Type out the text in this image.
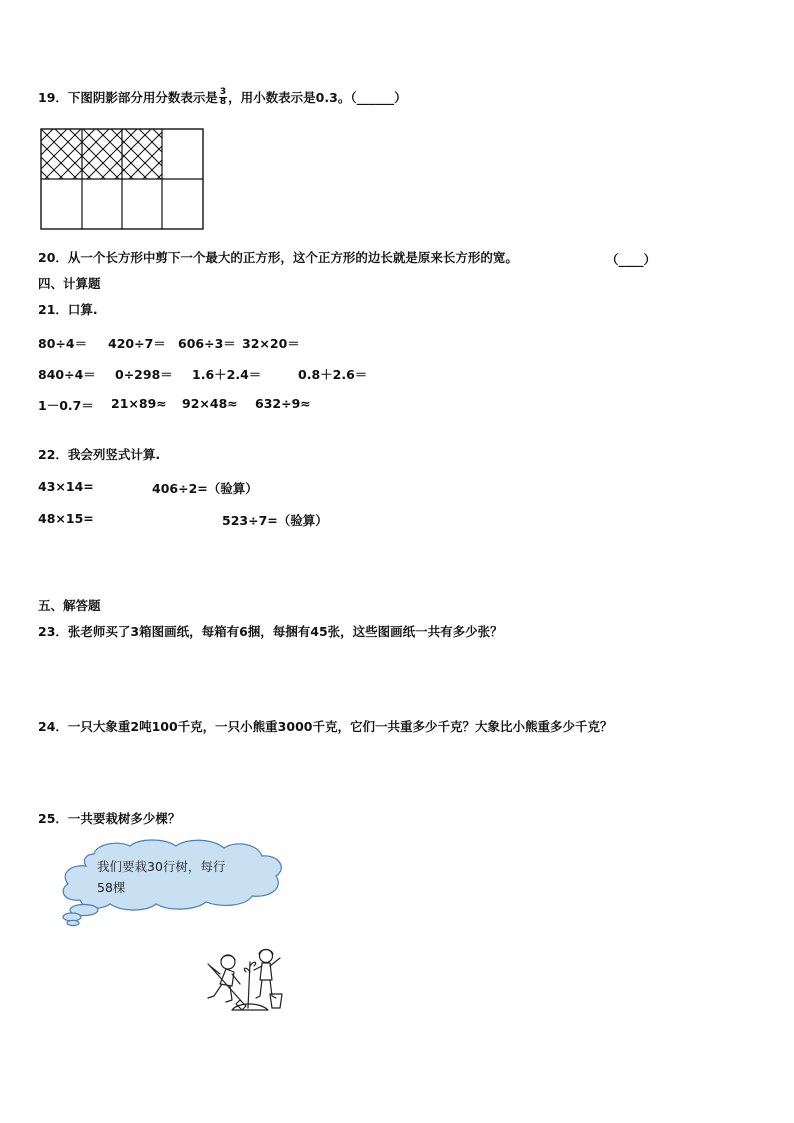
19．下图阴影部分用分数表示是 $\frac{3}{8}$ ，用小数表示是0.3。（______）
20．从一个长方形中剪下一个最大的正方形，这个正方形的边长就是原来长方形的宽。	（____）
四、计算题
21．口算.
80÷4＝ 420÷7＝ 606÷3＝ 32×20＝
840÷4＝ 0÷298＝ 1.6＋2.4＝	0.8＋2.6＝
1－0.7＝ 21×89≈ 92×48≈ 632÷9≈
22．我会列竖式计算.
43×14=	406÷2=（验算）
48×15=	523÷7=（验算）
五、解答题
23．张老师买了3箱图画纸，每箱有6捆，每捆有45张，这些图画纸一共有多少张？
24．一只大象重2吨100千克，一只小熊重3000千克，它们一共重多少千克？大象比小熊重多少千克？
25．一共要栽树多少棵？
我们要栽30行树，每行58棵
